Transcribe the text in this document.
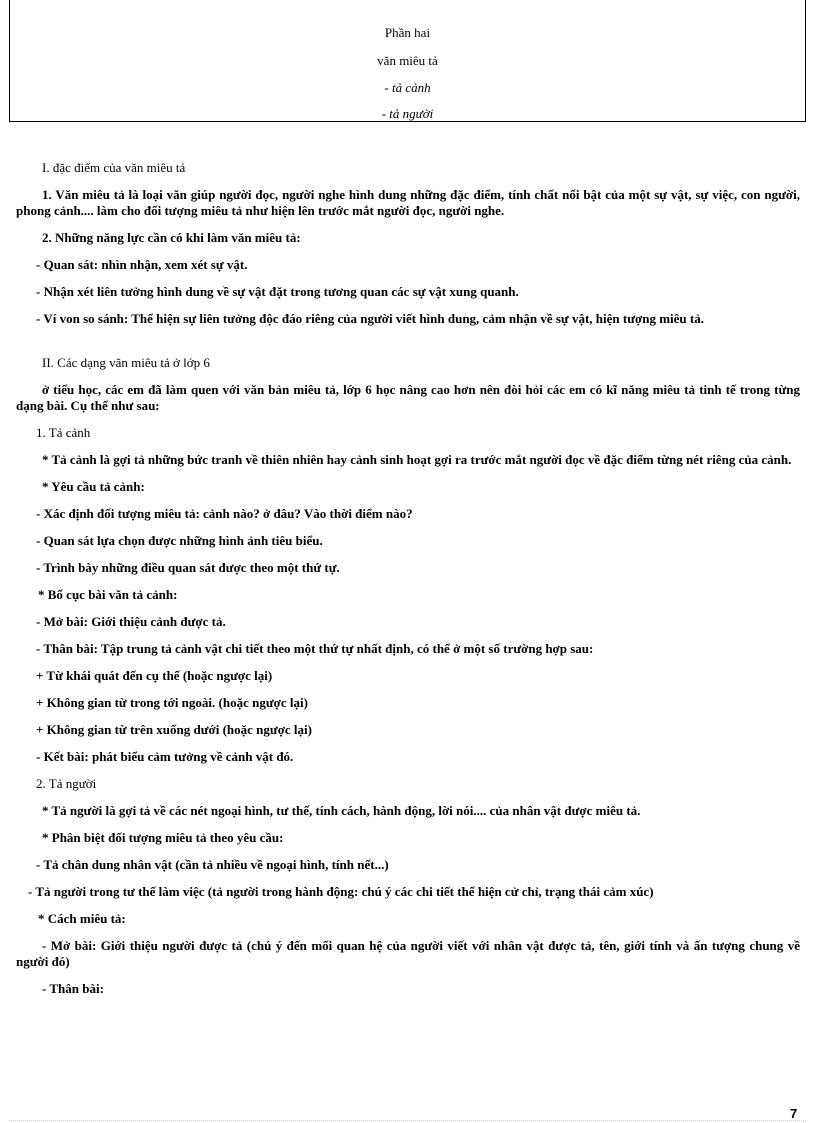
Phần hai
văn miêu tả
- tả cảnh
- tả người

I. đặc điểm của văn miêu tả

1. Văn miêu tả là loại văn giúp người đọc, người nghe hình dung những đặc điểm, tính chất nổi bật của một sự vật, sự việc, con người, phong cảnh.... làm cho đối tượng miêu tả như hiện lên trước mắt người đọc, người nghe.

2. Những năng lực cần có khi làm văn miêu tả:

- Quan sát: nhìn nhận, xem xét sự vật.

- Nhận xét liên tưởng hình dung về sự vật đặt trong tương quan các sự vật xung quanh.

- Ví von so sánh: Thể hiện sự liên tưởng độc đáo riêng của người viết hình dung, cảm nhận về sự vật, hiện tượng miêu tả.

II. Các dạng văn miêu tả ở lớp 6

ở tiểu học, các em đã làm quen với văn bản miêu tả, lớp 6 học nâng cao hơn nên đòi hỏi các em có kĩ năng miêu tả tinh tế trong từng dạng bài. Cụ thể như sau:

1. Tả cảnh

* Tả cảnh là gợi tả những bức tranh về thiên nhiên hay cảnh sinh hoạt gợi ra trước mắt người đọc về đặc điểm từng nét riêng của cảnh.

* Yêu cầu tả cảnh:

- Xác định đối tượng miêu tả: cảnh nào? ở đâu? Vào thời điểm nào?

- Quan sát lựa chọn được những hình ảnh tiêu biểu.

- Trình bày những điều quan sát được theo một thứ tự.

* Bố cục bài văn tả cảnh:

- Mở bài: Giới thiệu cảnh được tả.

- Thân bài: Tập trung tả cảnh vật chi tiết theo một thứ tự nhất định, có thể ở một số trường hợp sau:

+ Từ khái quát đến cụ thể (hoặc ngược lại)

+ Không gian từ trong tới ngoài. (hoặc ngược lại)

+ Không gian từ trên xuống dưới (hoặc ngược lại)

- Kết bài: phát biểu cảm tưởng về cảnh vật đó.

2. Tả người

* Tả người là gợi tả về các nét ngoại hình, tư thế, tính cách, hành động, lời nói.... của nhân vật được miêu tả.

* Phân biệt đối tượng miêu tả theo yêu cầu:

- Tả chân dung nhân vật (cần tả nhiều về ngoại hình, tính nết...)

- Tả người trong tư thế làm việc (tả người trong hành động: chú ý các chi tiết thể hiện cử chỉ, trạng thái cảm xúc)

* Cách miêu tả:

- Mở bài: Giới thiệu người được tả (chú ý đến mối quan hệ của người viết với nhân vật được tả, tên, giới tính và ấn tượng chung về người đó)

- Thân bài:

7
